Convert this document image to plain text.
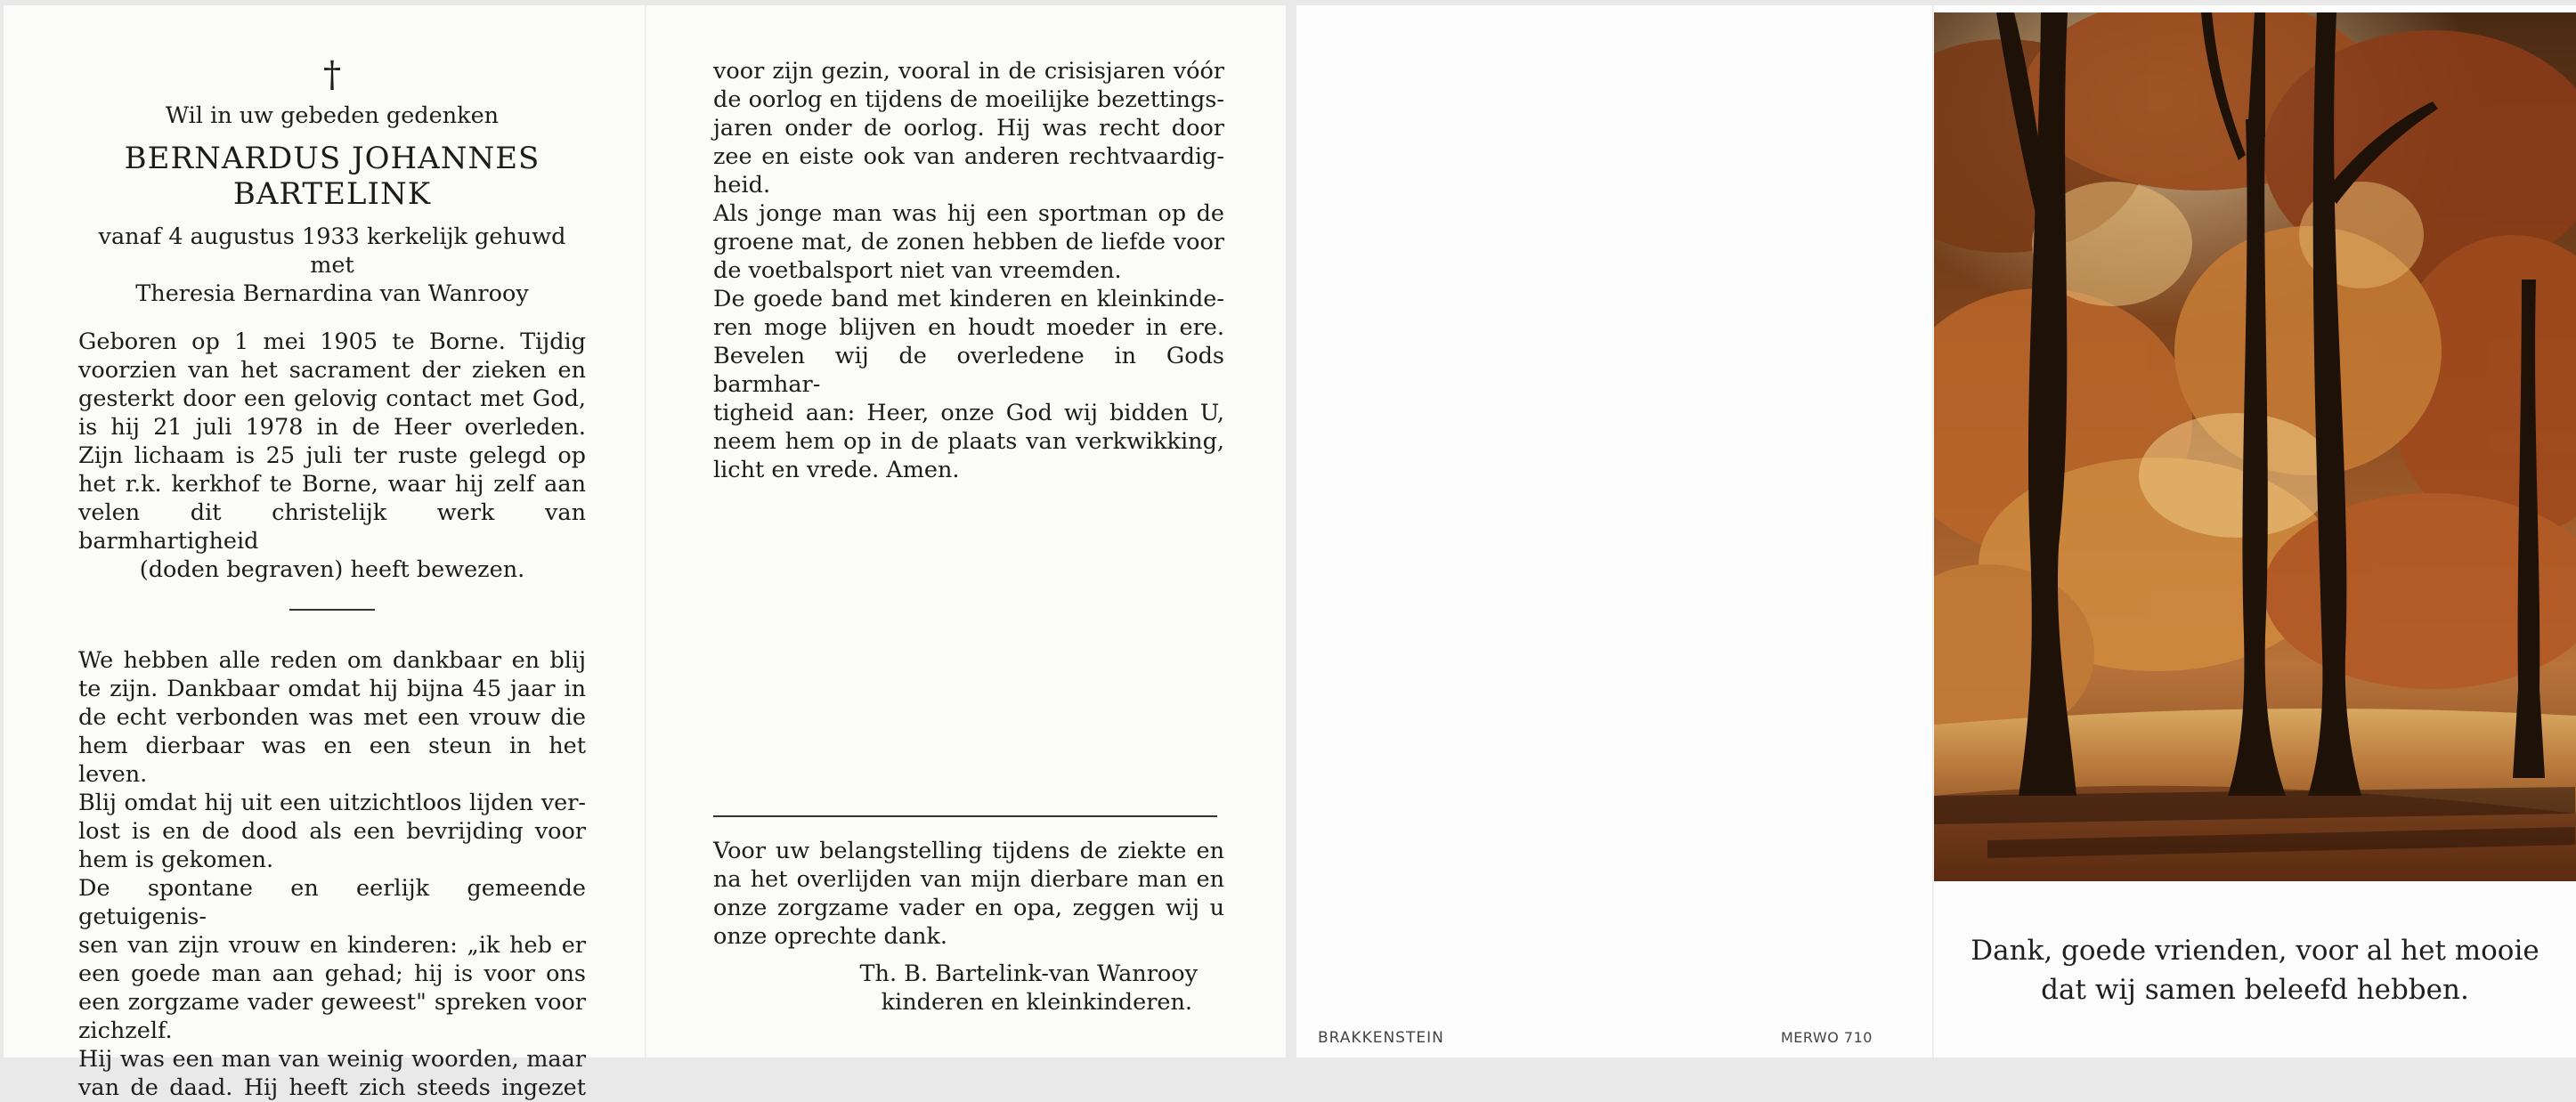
†

Wil in uw gebeden gedenken

BERNARDUS JOHANNES

BARTELINK

vanaf 4 augustus 1933 kerkelijk gehuwd met

Theresia Bernardina van Wanrooy

Geboren op 1 mei 1905 te Borne. Tijdig

voorzien van het sacrament der zieken en

gesterkt door een gelovig contact met God,

is hij 21 juli 1978 in de Heer overleden.

Zijn lichaam is 25 juli ter ruste gelegd op

het r.k. kerkhof te Borne, waar hij zelf aan

velen dit christelijk werk van barmhartigheid

(doden begraven) heeft bewezen.

We hebben alle reden om dankbaar en blij

te zijn. Dankbaar omdat hij bijna 45 jaar in

de echt verbonden was met een vrouw die

hem dierbaar was en een steun in het leven.

Blij omdat hij uit een uitzichtloos lijden ver-

lost is en de dood als een bevrijding voor

hem is gekomen.

De spontane en eerlijk gemeende getuigenis-

sen van zijn vrouw en kinderen: „ik heb er

een goede man aan gehad; hij is voor ons

een zorgzame vader geweest" spreken voor

zichzelf.

Hij was een man van weinig woorden, maar

van de daad. Hij heeft zich steeds ingezet

voor zijn gezin, vooral in de crisisjaren vóór

de oorlog en tijdens de moeilijke bezettings-

jaren onder de oorlog. Hij was recht door

zee en eiste ook van anderen rechtvaardig-

heid.

Als jonge man was hij een sportman op de

groene mat, de zonen hebben de liefde voor

de voetbalsport niet van vreemden.

De goede band met kinderen en kleinkinde-

ren moge blijven en houdt moeder in ere.

Bevelen wij de overledene in Gods barmhar-

tigheid aan: Heer, onze God wij bidden U,

neem hem op in de plaats van verkwikking,

licht en vrede. Amen.

Voor uw belangstelling tijdens de ziekte en

na het overlijden van mijn dierbare man en

onze zorgzame vader en opa, zeggen wij u

onze oprechte dank.

Th. B. Bartelink-van Wanrooy

kinderen en kleinkinderen.

BRAKKENSTEIN	MERWO 710
Dank, goede vrienden, voor al het mooie
dat wij samen beleefd hebben.
